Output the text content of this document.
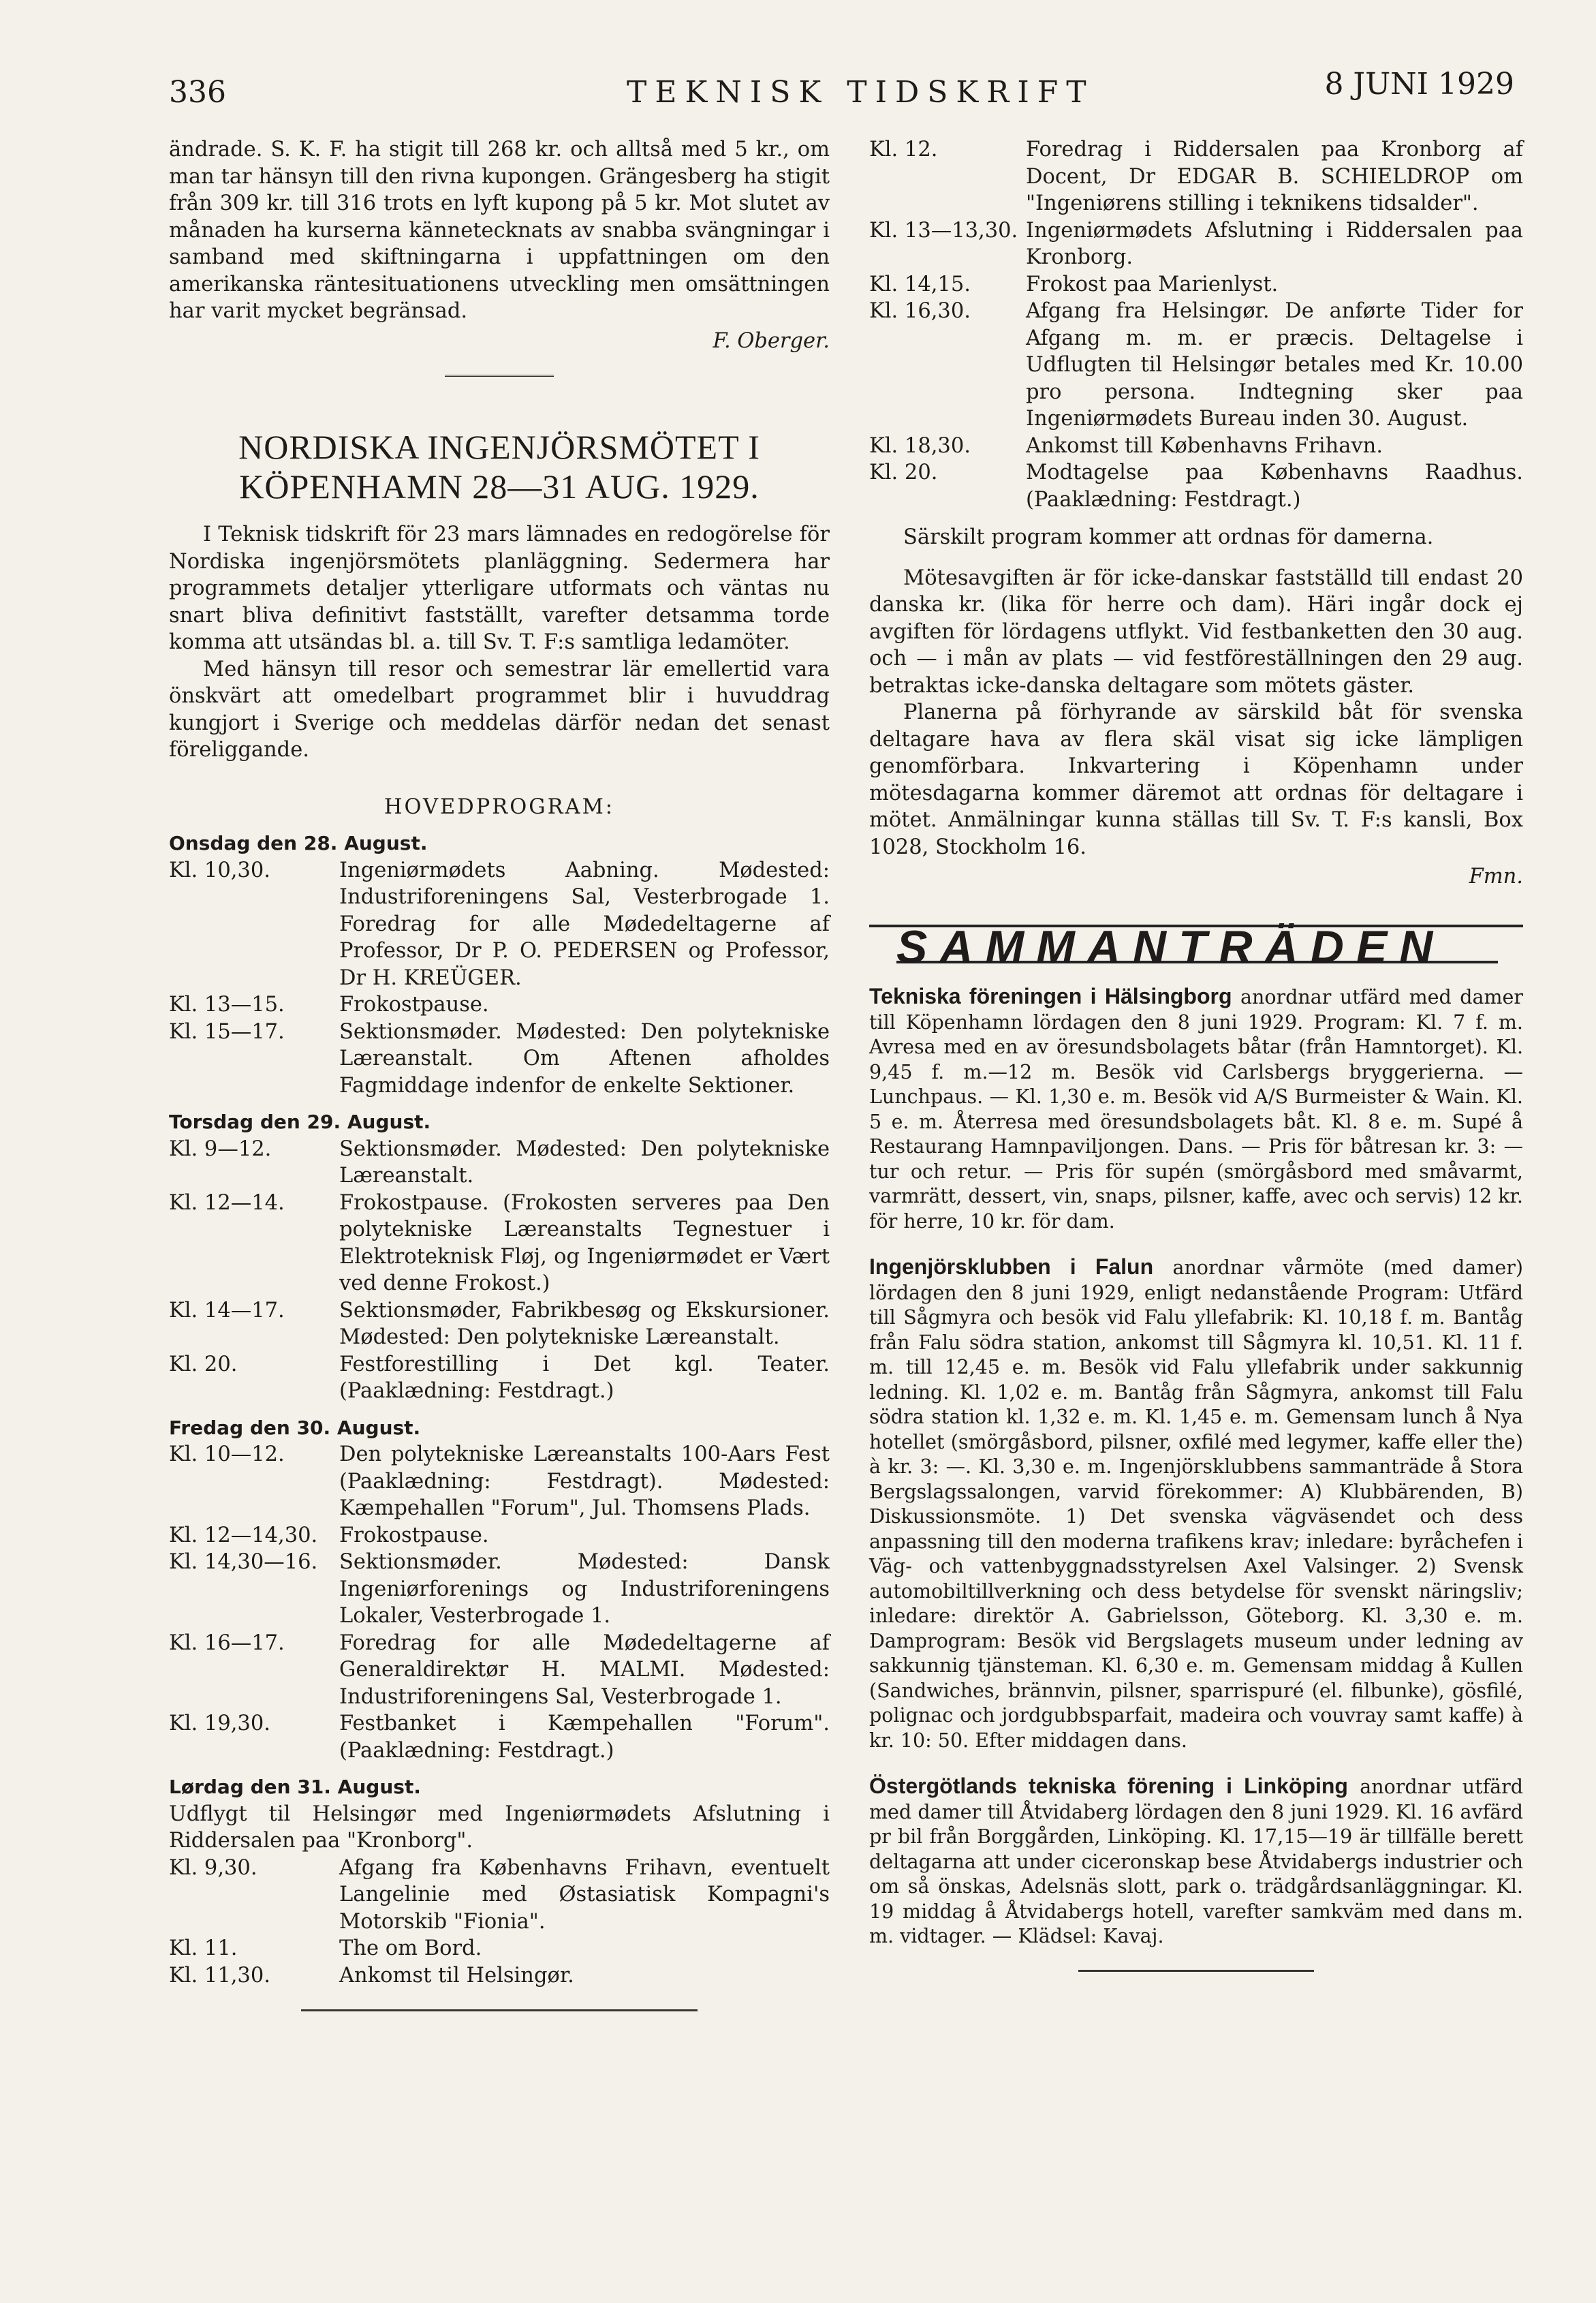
336	TEKNISK TIDSKRIFT	8 JUNI 1929

ändrade. S. K. F. ha stigit till 268 kr. och alltså med 5 kr., om man tar hänsyn till den rivna kupongen. Grängesberg ha stigit från 309 kr. till 316 trots en lyft kupong på 5 kr. Mot slutet av månaden ha kurserna kännetecknats av snabba svängningar i samband med skiftningarna i uppfattningen om den amerikanska räntesituationens utveckling men omsättningen har varit mycket begränsad.

F. Oberger.
NORDISKA INGENJÖRSMÖTET I KÖPENHAMN 28—31 AUG. 1929.

I Teknisk tidskrift för 23 mars lämnades en redogörelse för Nordiska ingenjörsmötets planläggning. Sedermera har programmets detaljer ytterligare utformats och väntas nu snart bliva definitivt fastställt, varefter detsamma torde komma att utsändas bl. a. till Sv. T. F:s samtliga ledamöter.

Med hänsyn till resor och semestrar lär emellertid vara önskvärt att omedelbart programmet blir i huvuddrag kungjort i Sverige och meddelas därför nedan det senast föreliggande.

HOVEDPROGRAM:
Onsdag den 28. August.
Kl. 10,30.	Ingeniørmødets Aabning. Mødested: Industriforeningens Sal, Vesterbrogade 1. Foredrag for alle Mødedeltagerne af Professor, Dr P. O. PEDERSEN og Professor, Dr H. KREÜGER.
Kl. 13—15.	Frokostpause.
Kl. 15—17.	Sektionsmøder. Mødested: Den polytekniske Læreanstalt. Om Aftenen afholdes Fagmiddage indenfor de enkelte Sektioner.
Torsdag den 29. August.
Kl. 9—12.	Sektionsmøder. Mødested: Den polytekniske Læreanstalt.
Kl. 12—14.	Frokostpause. (Frokosten serveres paa Den polytekniske Læreanstalts Tegnestuer i Elektroteknisk Fløj, og Ingeniørmødet er Vært ved denne Frokost.)
Kl. 14—17.	Sektionsmøder, Fabrikbesøg og Ekskursioner. Mødested: Den polytekniske Læreanstalt.
Kl. 20.	Festforestilling i Det kgl. Teater. (Paaklædning: Festdragt.)
Fredag den 30. August.
Kl. 10—12.	Den polytekniske Læreanstalts 100-Aars Fest (Paaklædning: Festdragt). Mødested: Kæmpehallen "Forum", Jul. Thomsens Plads.
Kl. 12—14,30.	Frokostpause.
Kl. 14,30—16.	Sektionsmøder. Mødested: Dansk Ingeniørforenings og Industriforeningens Lokaler, Vesterbrogade 1.
Kl. 16—17.	Foredrag for alle Mødedeltagerne af Generaldirektør H. MALMI. Mødested: Industriforeningens Sal, Vesterbrogade 1.
Kl. 19,30.	Festbanket i Kæmpehallen "Forum". (Paaklædning: Festdragt.)
Lørdag den 31. August.

Udflygt til Helsingør med Ingeniørmødets Afslutning i Riddersalen paa "Kronborg".

Kl. 9,30.	Afgang fra Københavns Frihavn, eventuelt Langelinie med Østasiatisk Kompagni's Motorskib "Fionia".
Kl. 11.	The om Bord.
Kl. 11,30.	Ankomst til Helsingør.
Kl. 12.	Foredrag i Riddersalen paa Kronborg af Docent, Dr EDGAR B. SCHIELDROP om "Ingeniørens stilling i teknikens tidsalder".
Kl. 13—13,30. Ingeniørmødets Afslutning i Riddersalen paa Kronborg.
Kl. 14,15.	Frokost paa Marienlyst.
Kl. 16,30.	Afgang fra Helsingør. De anførte Tider for Afgang m. m. er præcis. Deltagelse i Udflugten til Helsingør betales med Kr. 10.00 pro persona. Indtegning sker paa Ingeniørmødets Bureau inden 30. August.
Kl. 18,30.	Ankomst till Københavns Frihavn.
Kl. 20.	Modtagelse paa Københavns Raadhus. (Paaklædning: Festdragt.)

Särskilt program kommer att ordnas för damerna.

Mötesavgiften är för icke-danskar fastställd till endast 20 danska kr. (lika för herre och dam). Häri ingår dock ej avgiften för lördagens utflykt. Vid festbanketten den 30 aug. och — i mån av plats — vid festföreställningen den 29 aug. betraktas icke-danska deltagare som mötets gäster.

Planerna på förhyrande av särskild båt för svenska deltagare hava av flera skäl visat sig icke lämpligen genomförbara. Inkvartering i Köpenhamn under mötesdagarna kommer däremot att ordnas för deltagare i mötet. Anmälningar kunna ställas till Sv. T. F:s kansli, Box 1028, Stockholm 16.

Fmn.
SAMMANTRÄDEN
Tekniska föreningen i Hälsingborg anordnar utfärd med damer till Köpenhamn lördagen den 8 juni 1929. Program: Kl. 7 f. m. Avresa med en av öresundsbolagets båtar (från Hamntorget). Kl. 9,45 f. m.—12 m. Besök vid Carlsbergs bryggerierna. — Lunchpaus. — Kl. 1,30 e. m. Besök vid A/S Burmeister & Wain. Kl. 5 e. m. Återresa med öresundsbolagets båt. Kl. 8 e. m. Supé å Restaurang Hamnpaviljongen. Dans. — Pris för båtresan kr. 3: — tur och retur. — Pris för supén (smörgåsbord med småvarmt, varmrätt, dessert, vin, snaps, pilsner, kaffe, avec och servis) 12 kr. för herre, 10 kr. för dam.
Ingenjörsklubben i Falun anordnar vårmöte (med damer) lördagen den 8 juni 1929, enligt nedanstående Program: Utfärd till Sågmyra och besök vid Falu yllefabrik: Kl. 10,18 f. m. Bantåg från Falu södra station, ankomst till Sågmyra kl. 10,51. Kl. 11 f. m. till 12,45 e. m. Besök vid Falu yllefabrik under sakkunnig ledning. Kl. 1,02 e. m. Bantåg från Sågmyra, ankomst till Falu södra station kl. 1,32 e. m. Kl. 1,45 e. m. Gemensam lunch å Nya hotellet (smörgåsbord, pilsner, oxfilé med legymer, kaffe eller the) à kr. 3: —. Kl. 3,30 e. m. Ingenjörsklubbens sammanträde å Stora Bergslagssalongen, varvid förekommer: A) Klubbärenden, B) Diskussionsmöte. 1) Det svenska vägväsendet och dess anpassning till den moderna trafikens krav; inledare: byråchefen i Väg- och vattenbyggnadsstyrelsen Axel Valsinger. 2) Svensk automobiltillverkning och dess betydelse för svenskt näringsliv; inledare: direktör A. Gabrielsson, Göteborg. Kl. 3,30 e. m. Damprogram: Besök vid Bergslagets museum under ledning av sakkunnig tjänsteman. Kl. 6,30 e. m. Gemensam middag å Kullen (Sandwiches, brännvin, pilsner, sparrispuré (el. filbunke), gösfilé, polignac och jordgubbsparfait, madeira och vouvray samt kaffe) à kr. 10: 50. Efter middagen dans.
Östergötlands tekniska förening i Linköping anordnar utfärd med damer till Åtvidaberg lördagen den 8 juni 1929. Kl. 16 avfärd pr bil från Borggården, Linköping. Kl. 17,15—19 är tillfälle berett deltagarna att under ciceronskap bese Åtvidabergs industrier och om så önskas, Adelsnäs slott, park o. trädgårdsanläggningar. Kl. 19 middag å Åtvidabergs hotell, varefter samkväm med dans m. m. vidtager. — Klädsel: Kavaj.
